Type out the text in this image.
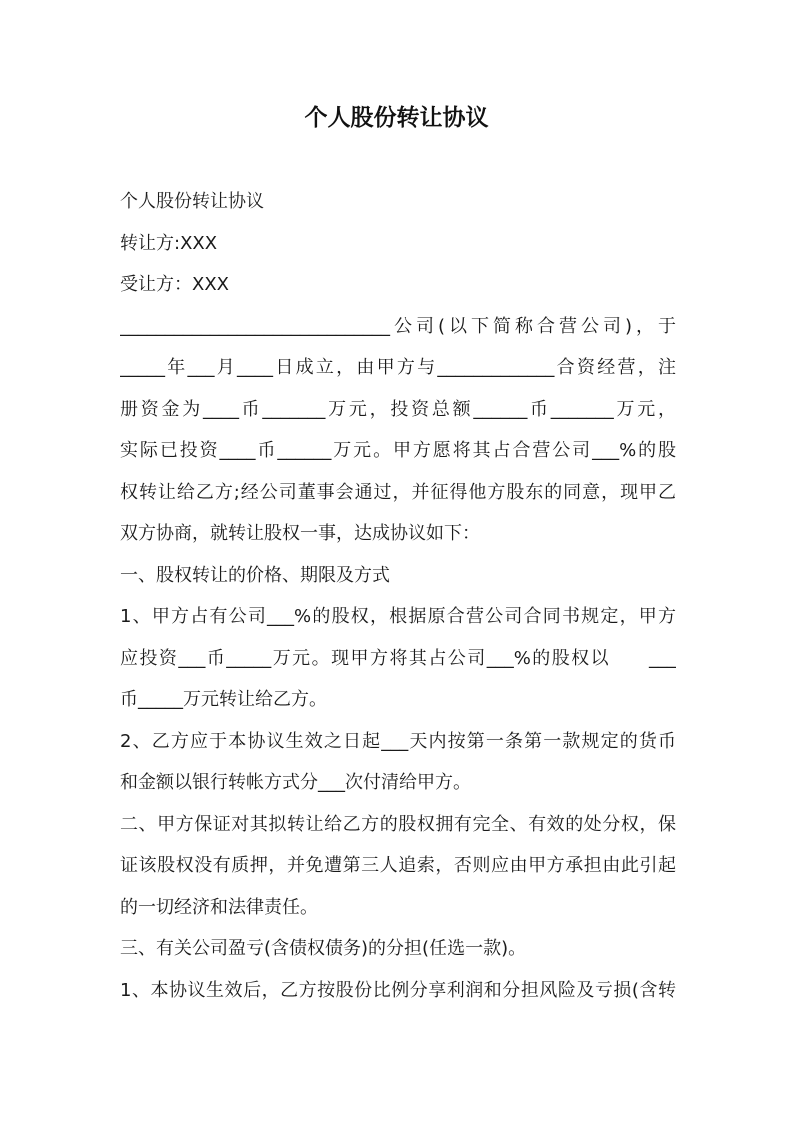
个人股份转让协议
个人股份转让协议
转让方:XXX
受让方：XXX
______________________________公司(以下简称合营公司)，于
_____年___月____日成立，由甲方与_____________合资经营，注
册资金为____币_______万元，投资总额______币_______万元，
实际已投资____币______万元。甲方愿将其占合营公司___%的股
权转让给乙方;经公司董事会通过，并征得他方股东的同意，现甲乙
双方协商，就转让股权一事，达成协议如下：
一、股权转让的价格、期限及方式
1、甲方占有公司___%的股权，根据原合营公司合同书规定，甲方
应投资___币_____万元。现甲方将其占公司___%的股权以　　___
币_____万元转让给乙方。
2、乙方应于本协议生效之日起___天内按第一条第一款规定的货币
和金额以银行转帐方式分___次付清给甲方。
二、甲方保证对其拟转让给乙方的股权拥有完全、有效的处分权，保
证该股权没有质押，并免遭第三人追索，否则应由甲方承担由此引起
的一切经济和法律责任。
三、有关公司盈亏(含债权债务)的分担(任选一款)。
1、本协议生效后，乙方按股份比例分享利润和分担风险及亏损(含转
